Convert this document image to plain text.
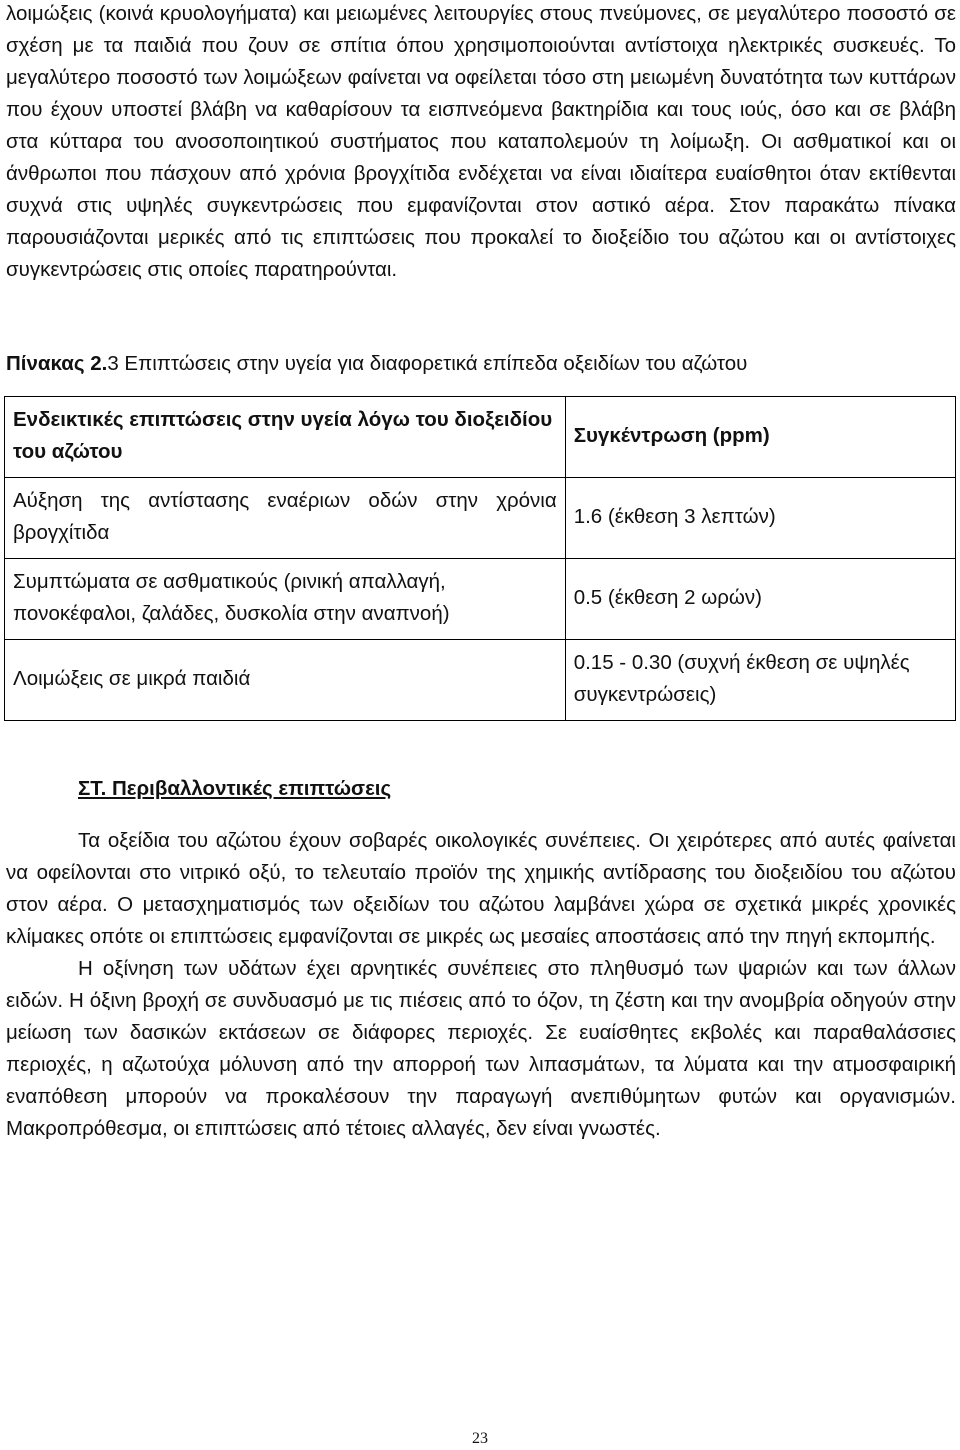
λοιμώξεις (κοινά κρυολογήματα) και μειωμένες λειτουργίες στους πνεύμονες, σε μεγαλύτερο ποσοστό σε σχέση με τα παιδιά που ζουν σε σπίτια όπου χρησιμοποιούνται αντίστοιχα ηλεκτρικές συσκευές. Το μεγαλύτερο ποσοστό των λοιμώξεων φαίνεται να οφείλεται τόσο στη μειωμένη δυνατότητα των κυττάρων που έχουν υποστεί βλάβη να καθαρίσουν τα εισπνεόμενα βακτηρίδια και τους ιούς, όσο και σε βλάβη στα κύτταρα του ανοσοποιητικού συστήματος που καταπολεμούν τη λοίμωξη. Οι ασθματικοί και οι άνθρωποι που πάσχουν από χρόνια βρογχίτιδα ενδέχεται να είναι ιδιαίτερα ευαίσθητοι όταν εκτίθενται συχνά στις υψηλές συγκεντρώσεις που εμφανίζονται στον αστικό αέρα. Στον παρακάτω πίνακα παρουσιάζονται μερικές από τις επιπτώσεις που προκαλεί το διοξείδιο του αζώτου και οι αντίστοιχες συγκεντρώσεις στις οποίες παρατηρούνται.

Πίνακας 2.3 Επιπτώσεις στην υγεία για διαφορετικά επίπεδα οξειδίων του αζώτου

Ενδεικτικές επιπτώσεις στην υγεία λόγω του διοξειδίου του αζώτου	Συγκέντρωση (ppm)
Αύξηση της αντίστασης εναέριων οδών στην χρόνια βρογχίτιδα	1.6 (έκθεση 3 λεπτών)
Συμπτώματα σε ασθματικούς (ρινική απαλλαγή, πονοκέφαλοι, ζαλάδες, δυσκολία στην αναπνοή)	0.5 (έκθεση 2 ωρών)
Λοιμώξεις σε μικρά παιδιά	0.15 - 0.30 (συχνή έκθεση σε υψηλές συγκεντρώσεις)
ΣΤ. Περιβαλλοντικές επιπτώσεις

Τα οξείδια του αζώτου έχουν σοβαρές οικολογικές συνέπειες. Οι χειρότερες από αυτές φαίνεται να οφείλονται στο νιτρικό οξύ, το τελευταίο προϊόν της χημικής αντίδρασης του διοξειδίου του αζώτου στον αέρα. Ο μετασχηματισμός των οξειδίων του αζώτου λαμβάνει χώρα σε σχετικά μικρές χρονικές κλίμακες οπότε οι επιπτώσεις εμφανίζονται σε μικρές ως μεσαίες αποστάσεις από την πηγή εκπομπής.

Η οξίνηση των υδάτων έχει αρνητικές συνέπειες στο πληθυσμό των ψαριών και των άλλων ειδών. Η όξινη βροχή σε συνδυασμό με τις πιέσεις από το όζον, τη ζέστη και την ανομβρία οδηγούν στην μείωση των δασικών εκτάσεων σε διάφορες περιοχές. Σε ευαίσθητες εκβολές και παραθαλάσσιες περιοχές, η αζωτούχα μόλυνση από την απορροή των λιπασμάτων, τα λύματα και την ατμοσφαιρική εναπόθεση μπορούν να προκαλέσουν την παραγωγή ανεπιθύμητων φυτών και οργανισμών. Μακροπρόθεσμα, οι επιπτώσεις από τέτοιες αλλαγές, δεν είναι γνωστές.

23
